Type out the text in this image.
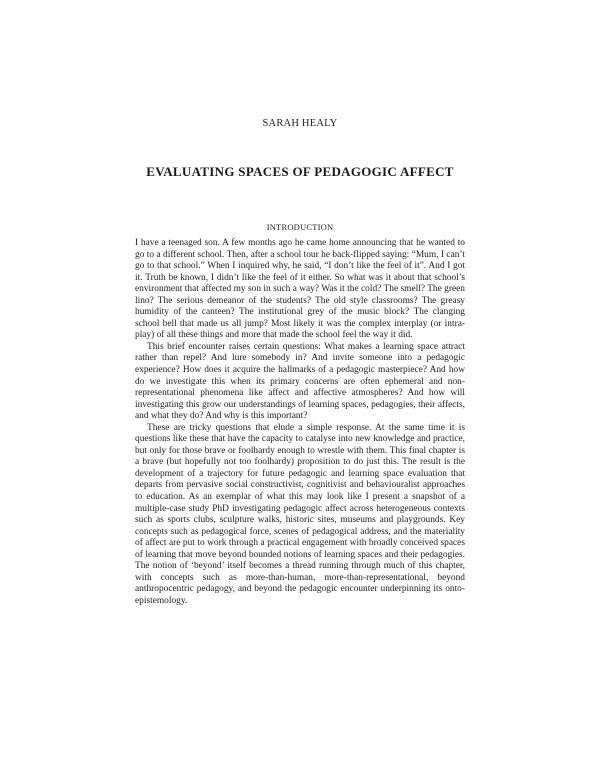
SARAH HEALY
EVALUATING SPACES OF PEDAGOGIC AFFECT
INTRODUCTION

I have a teenaged son. A few months ago he came home announcing that he wanted to go to a different school. Then, after a school tour he back-flipped saying: “Mum, I can’t go to that school.” When I inquired why, he said, “I don’t like the feel of it”. And I got it. Truth be known, I didn’t like the feel of it either. So what was it about that school’s environment that affected my son in such a way? Was it the cold? The smell? The green lino? The serious demeanor of the students? The old style classrooms? The greasy humidity of the canteen? The institutional grey of the music block? The clanging school bell that made us all jump? Most likely it was the complex interplay (or intra-play) of all these things and more that made the school feel the way it did.

This brief encounter raises certain questions: What makes a learning space attract rather than repel? And lure somebody in? And invite someone into a pedagogic experience? How does it acquire the hallmarks of a pedagogic masterpiece? And how do we investigate this when its primary concerns are often ephemeral and non-representational phenomena like affect and affective atmospheres? And how will investigating this grow our understandings of learning spaces, pedagogies, their affects, and what they do? And why is this important?

These are tricky questions that elude a simple response. At the same time it is questions like these that have the capacity to catalyse into new knowledge and practice, but only for those brave or foolhardy enough to wrestle with them. This final chapter is a brave (but hopefully not too foolhardy) proposition to do just this. The result is the development of a trajectory for future pedagogic and learning space evaluation that departs from pervasive social constructivist, cognitivist and behaviouralist approaches to education. As an exemplar of what this may look like I present a snapshot of a multiple-case study PhD investigating pedagogic affect across heterogeneous contexts such as sports clubs, sculpture walks, historic sites, museums and playgrounds. Key concepts such as pedagogical force, scenes of pedagogical address, and the materiality of affect are put to work through a practical engagement with broadly conceived spaces of learning that move beyond bounded notions of learning spaces and their pedagogies. The notion of ‘beyond’ itself becomes a thread running through much of this chapter, with concepts such as more-than-human, more-than-representational, beyond anthropocentric pedagogy, and beyond the pedagogic encounter underpinning its onto-epistemology.
